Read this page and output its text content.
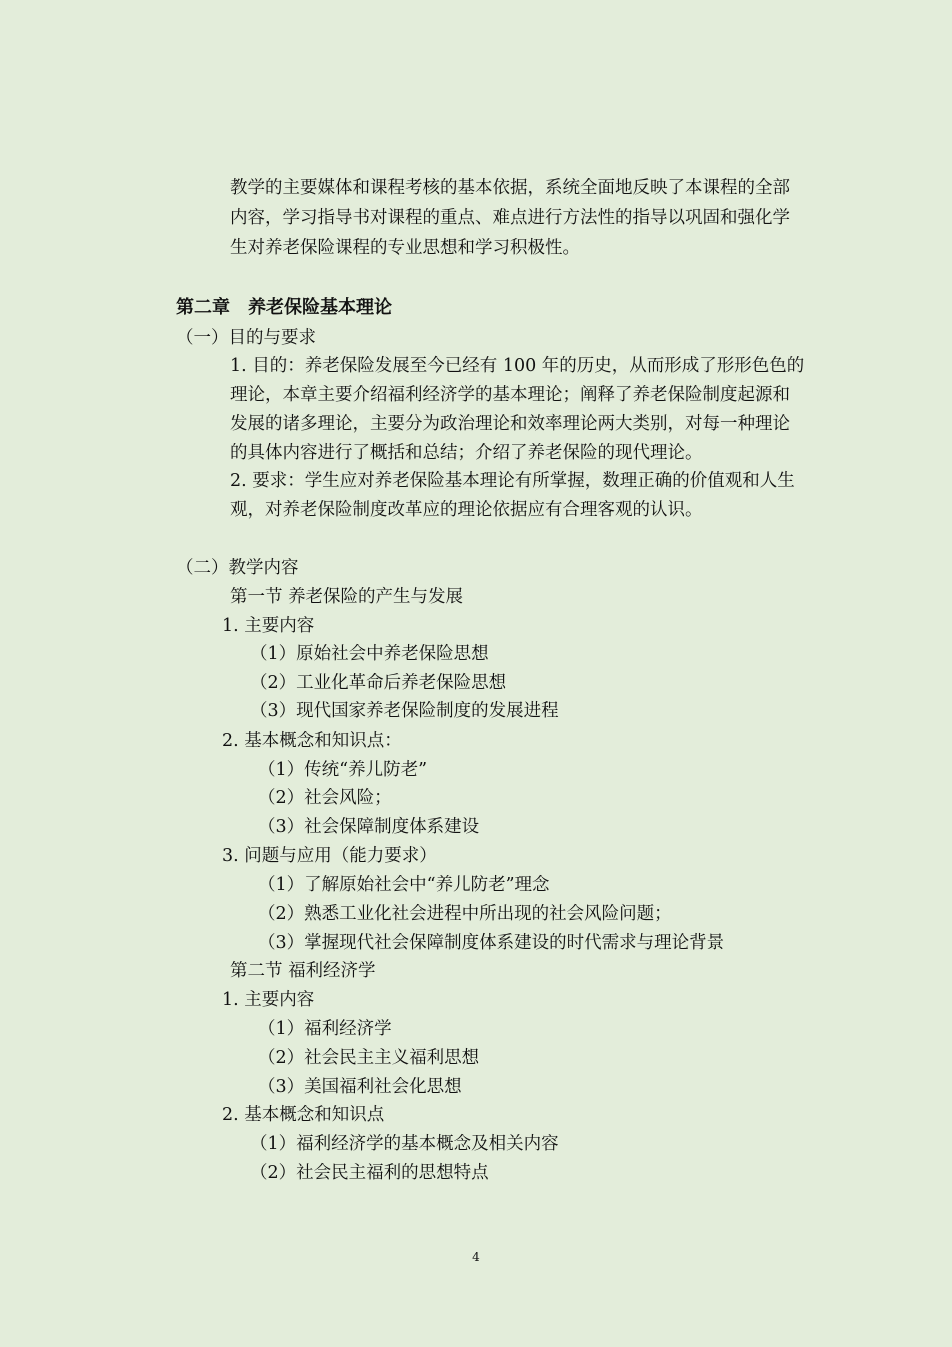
教学的主要媒体和课程考核的基本依据，系统全面地反映了本课程的全部
内容，学习指导书对课程的重点、难点进行方法性的指导以巩固和强化学
生对养老保险课程的专业思想和学习积极性。
第二章　养老保险基本理论
（一）目的与要求
1. 目的：养老保险发展至今已经有 100 年的历史，从而形成了形形色色的
理论，本章主要介绍福利经济学的基本理论；阐释了养老保险制度起源和
发展的诸多理论，主要分为政治理论和效率理论两大类别，对每一种理论
的具体内容进行了概括和总结；介绍了养老保险的现代理论。
2. 要求：学生应对养老保险基本理论有所掌握，数理正确的价值观和人生
观，对养老保险制度改革应的理论依据应有合理客观的认识。
（二）教学内容
第一节 养老保险的产生与发展
1. 主要内容
（1）原始社会中养老保险思想
（2）工业化革命后养老保险思想
（3）现代国家养老保险制度的发展进程
2. 基本概念和知识点：
（1）传统“养儿防老”
（2）社会风险；
（3）社会保障制度体系建设
3. 问题与应用（能力要求）
（1）了解原始社会中“养儿防老”理念
（2）熟悉工业化社会进程中所出现的社会风险问题；
（3）掌握现代社会保障制度体系建设的时代需求与理论背景
第二节 福利经济学
1. 主要内容
（1）福利经济学
（2）社会民主主义福利思想
（3）美国福利社会化思想
2. 基本概念和知识点
（1）福利经济学的基本概念及相关内容
（2）社会民主福利的思想特点
4
